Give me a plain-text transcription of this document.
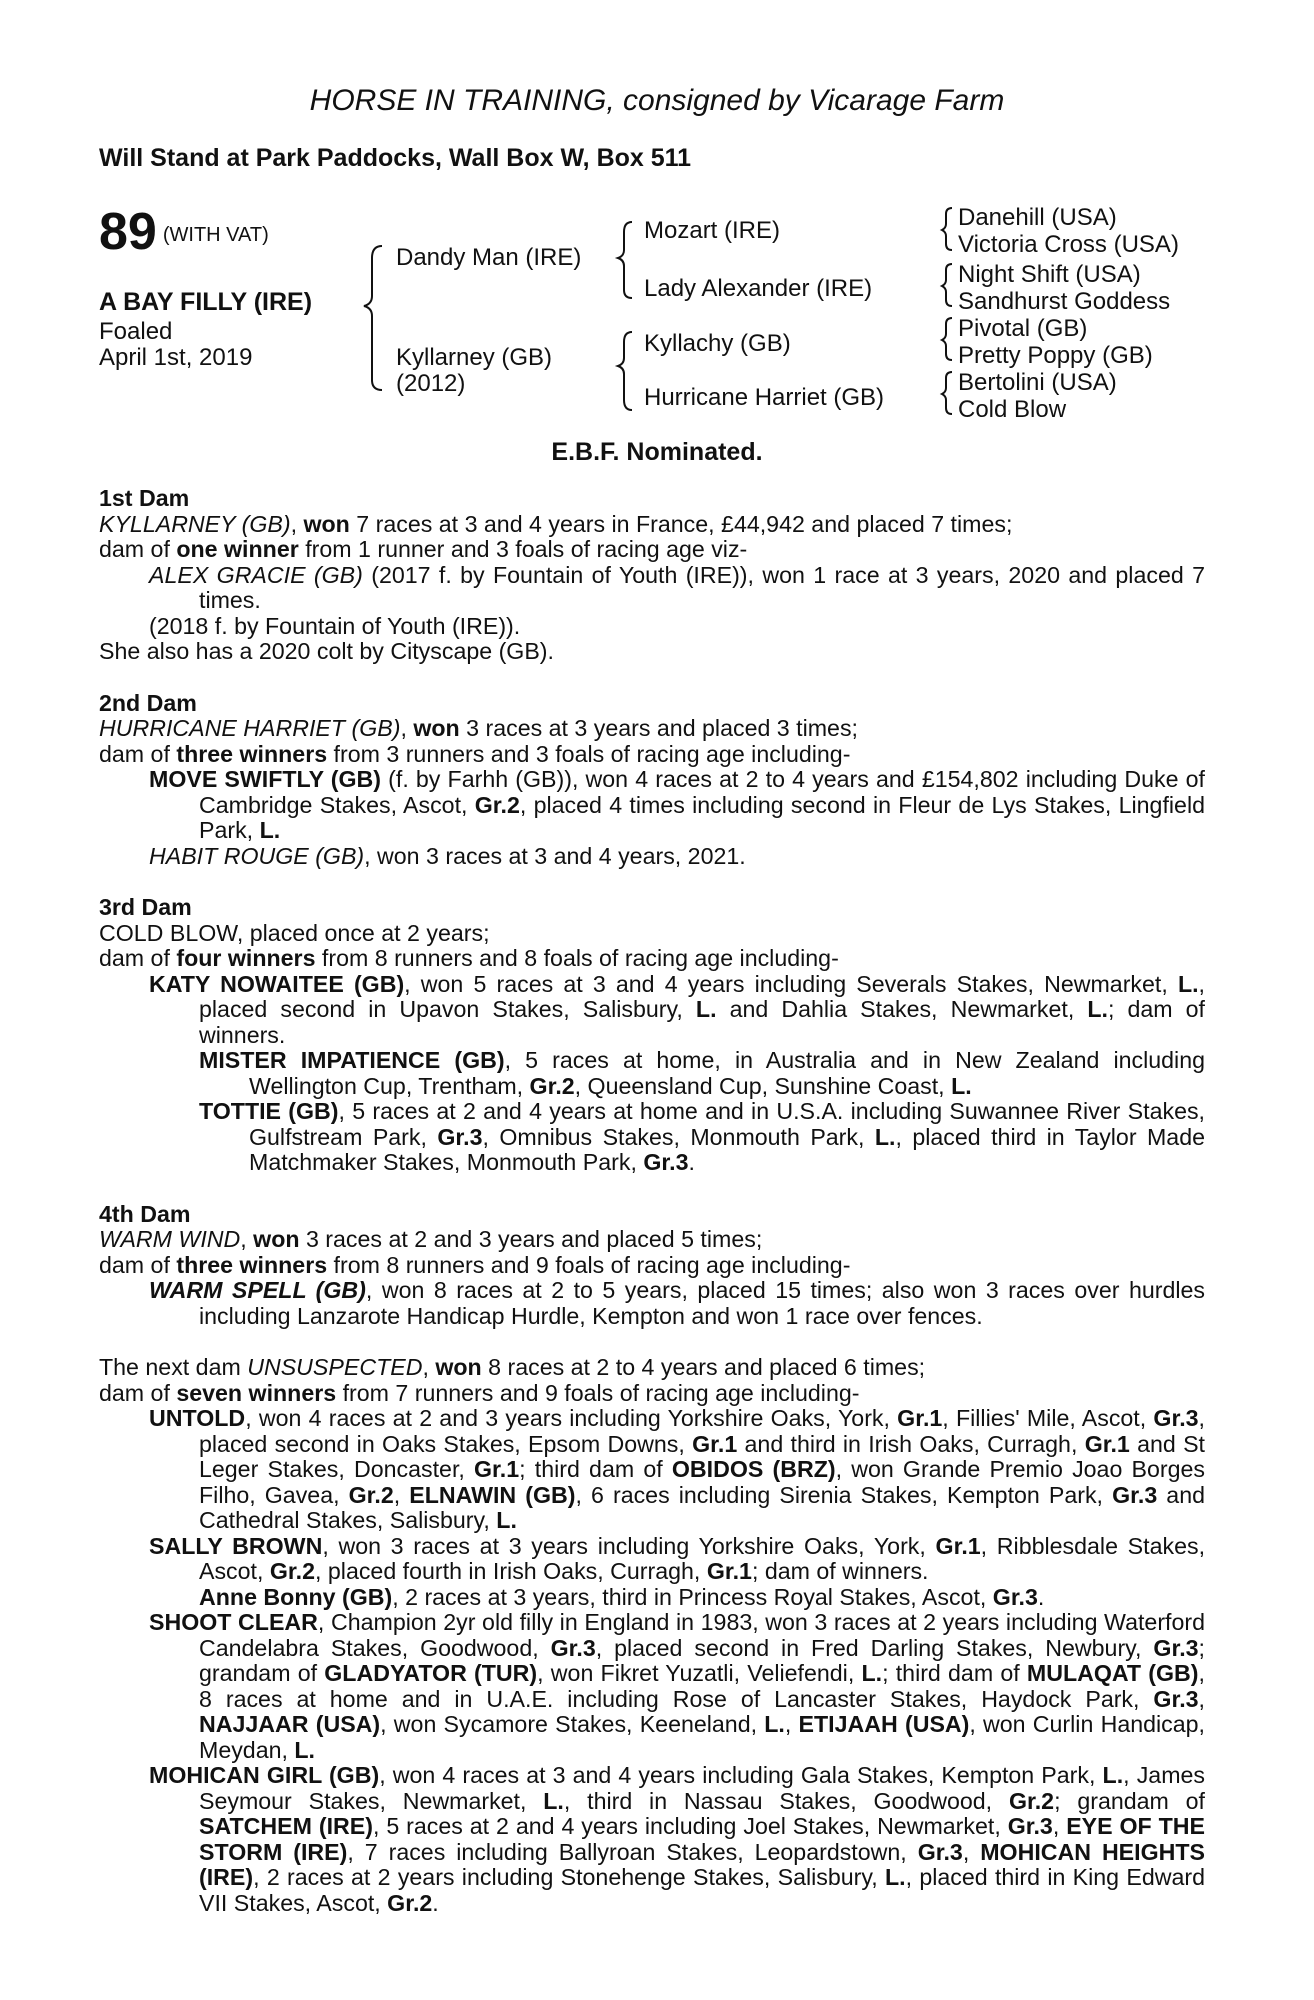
HORSE IN TRAINING, consigned by Vicarage Farm
Will Stand at Park Paddocks, Wall Box W, Box 511
89 (WITH VAT)
A BAY FILLY (IRE)
Foaled
April 1st, 2019
Dandy Man (IRE)
Kyllarney (GB)
(2012)
Mozart (IRE)
Lady Alexander (IRE)
Kyllachy (GB)
Hurricane Harriet (GB)
Danehill (USA)
Victoria Cross (USA)
Night Shift (USA)
Sandhurst Goddess
Pivotal (GB)
Pretty Poppy (GB)
Bertolini (USA)
Cold Blow
E.B.F. Nominated.

1st Dam

KYLLARNEY (GB), won 7 races at 3 and 4 years in France, £44,942 and placed 7 times;

dam of one winner from 1 runner and 3 foals of racing age viz-

ALEX GRACIE (GB) (2017 f. by Fountain of Youth (IRE)), won 1 race at 3 years, 2020 and placed 7 times.

(2018 f. by Fountain of Youth (IRE)).

She also has a 2020 colt by Cityscape (GB).

2nd Dam

HURRICANE HARRIET (GB), won 3 races at 3 years and placed 3 times;

dam of three winners from 3 runners and 3 foals of racing age including-

MOVE SWIFTLY (GB) (f. by Farhh (GB)), won 4 races at 2 to 4 years and £154,802 including Duke of Cambridge Stakes, Ascot, Gr.2, placed 4 times including second in Fleur de Lys Stakes, Lingfield Park, L.

HABIT ROUGE (GB), won 3 races at 3 and 4 years, 2021.

3rd Dam

COLD BLOW, placed once at 2 years;

dam of four winners from 8 runners and 8 foals of racing age including-

KATY NOWAITEE (GB), won 5 races at 3 and 4 years including Severals Stakes, Newmarket, L., placed second in Upavon Stakes, Salisbury, L. and Dahlia Stakes, Newmarket, L.; dam of winners.

MISTER IMPATIENCE (GB), 5 races at home, in Australia and in New Zealand including Wellington Cup, Trentham, Gr.2, Queensland Cup, Sunshine Coast, L.

TOTTIE (GB), 5 races at 2 and 4 years at home and in U.S.A. including Suwannee River Stakes, Gulfstream Park, Gr.3, Omnibus Stakes, Monmouth Park, L., placed third in Taylor Made Matchmaker Stakes, Monmouth Park, Gr.3.

4th Dam

WARM WIND, won 3 races at 2 and 3 years and placed 5 times;

dam of three winners from 8 runners and 9 foals of racing age including-

WARM SPELL (GB), won 8 races at 2 to 5 years, placed 15 times; also won 3 races over hurdles including Lanzarote Handicap Hurdle, Kempton and won 1 race over fences.

The next dam UNSUSPECTED, won 8 races at 2 to 4 years and placed 6 times;

dam of seven winners from 7 runners and 9 foals of racing age including-

UNTOLD, won 4 races at 2 and 3 years including Yorkshire Oaks, York, Gr.1, Fillies' Mile, Ascot, Gr.3, placed second in Oaks Stakes, Epsom Downs, Gr.1 and third in Irish Oaks, Curragh, Gr.1 and St Leger Stakes, Doncaster, Gr.1; third dam of OBIDOS (BRZ), won Grande Premio Joao Borges Filho, Gavea, Gr.2, ELNAWIN (GB), 6 races including Sirenia Stakes, Kempton Park, Gr.3 and Cathedral Stakes, Salisbury, L.

SALLY BROWN, won 3 races at 3 years including Yorkshire Oaks, York, Gr.1, Ribblesdale Stakes, Ascot, Gr.2, placed fourth in Irish Oaks, Curragh, Gr.1; dam of winners.

Anne Bonny (GB), 2 races at 3 years, third in Princess Royal Stakes, Ascot, Gr.3.

SHOOT CLEAR, Champion 2yr old filly in England in 1983, won 3 races at 2 years including Waterford Candelabra Stakes, Goodwood, Gr.3, placed second in Fred Darling Stakes, Newbury, Gr.3; grandam of GLADYATOR (TUR), won Fikret Yuzatli, Veliefendi, L.; third dam of MULAQAT (GB), 8 races at home and in U.A.E. including Rose of Lancaster Stakes, Haydock Park, Gr.3, NAJJAAR (USA), won Sycamore Stakes, Keeneland, L., ETIJAAH (USA), won Curlin Handicap, Meydan, L.

MOHICAN GIRL (GB), won 4 races at 3 and 4 years including Gala Stakes, Kempton Park, L., James Seymour Stakes, Newmarket, L., third in Nassau Stakes, Goodwood, Gr.2; grandam of SATCHEM (IRE), 5 races at 2 and 4 years including Joel Stakes, Newmarket, Gr.3, EYE OF THE STORM (IRE), 7 races including Ballyroan Stakes, Leopardstown, Gr.3, MOHICAN HEIGHTS (IRE), 2 races at 2 years including Stonehenge Stakes, Salisbury, L., placed third in King Edward VII Stakes, Ascot, Gr.2.
